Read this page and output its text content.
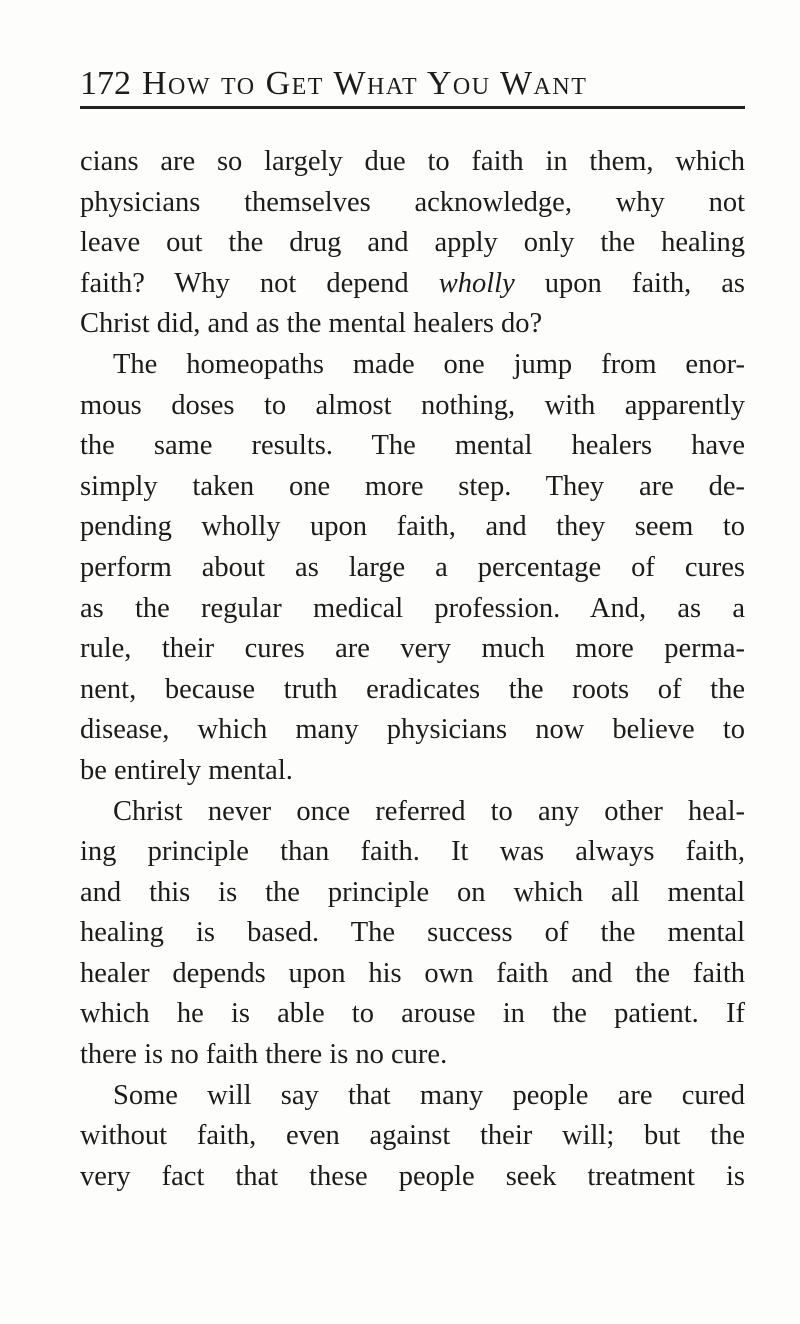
172 How to Get What You Want
cians are so largely due to faith in them, which
physicians themselves acknowledge, why not
leave out the drug and apply only the healing
faith? Why not depend wholly upon faith, as
Christ did, and as the mental healers do?
The homeopaths made one jump from enor-
mous doses to almost nothing, with apparently
the same results. The mental healers have
simply taken one more step. They are de-
pending wholly upon faith, and they seem to
perform about as large a percentage of cures
as the regular medical profession. And, as a
rule, their cures are very much more perma-
nent, because truth eradicates the roots of the
disease, which many physicians now believe to
be entirely mental.
Christ never once referred to any other heal-
ing principle than faith. It was always faith,
and this is the principle on which all mental
healing is based. The success of the mental
healer depends upon his own faith and the faith
which he is able to arouse in the patient. If
there is no faith there is no cure.
Some will say that many people are cured
without faith, even against their will; but the
very fact that these people seek treatment is
